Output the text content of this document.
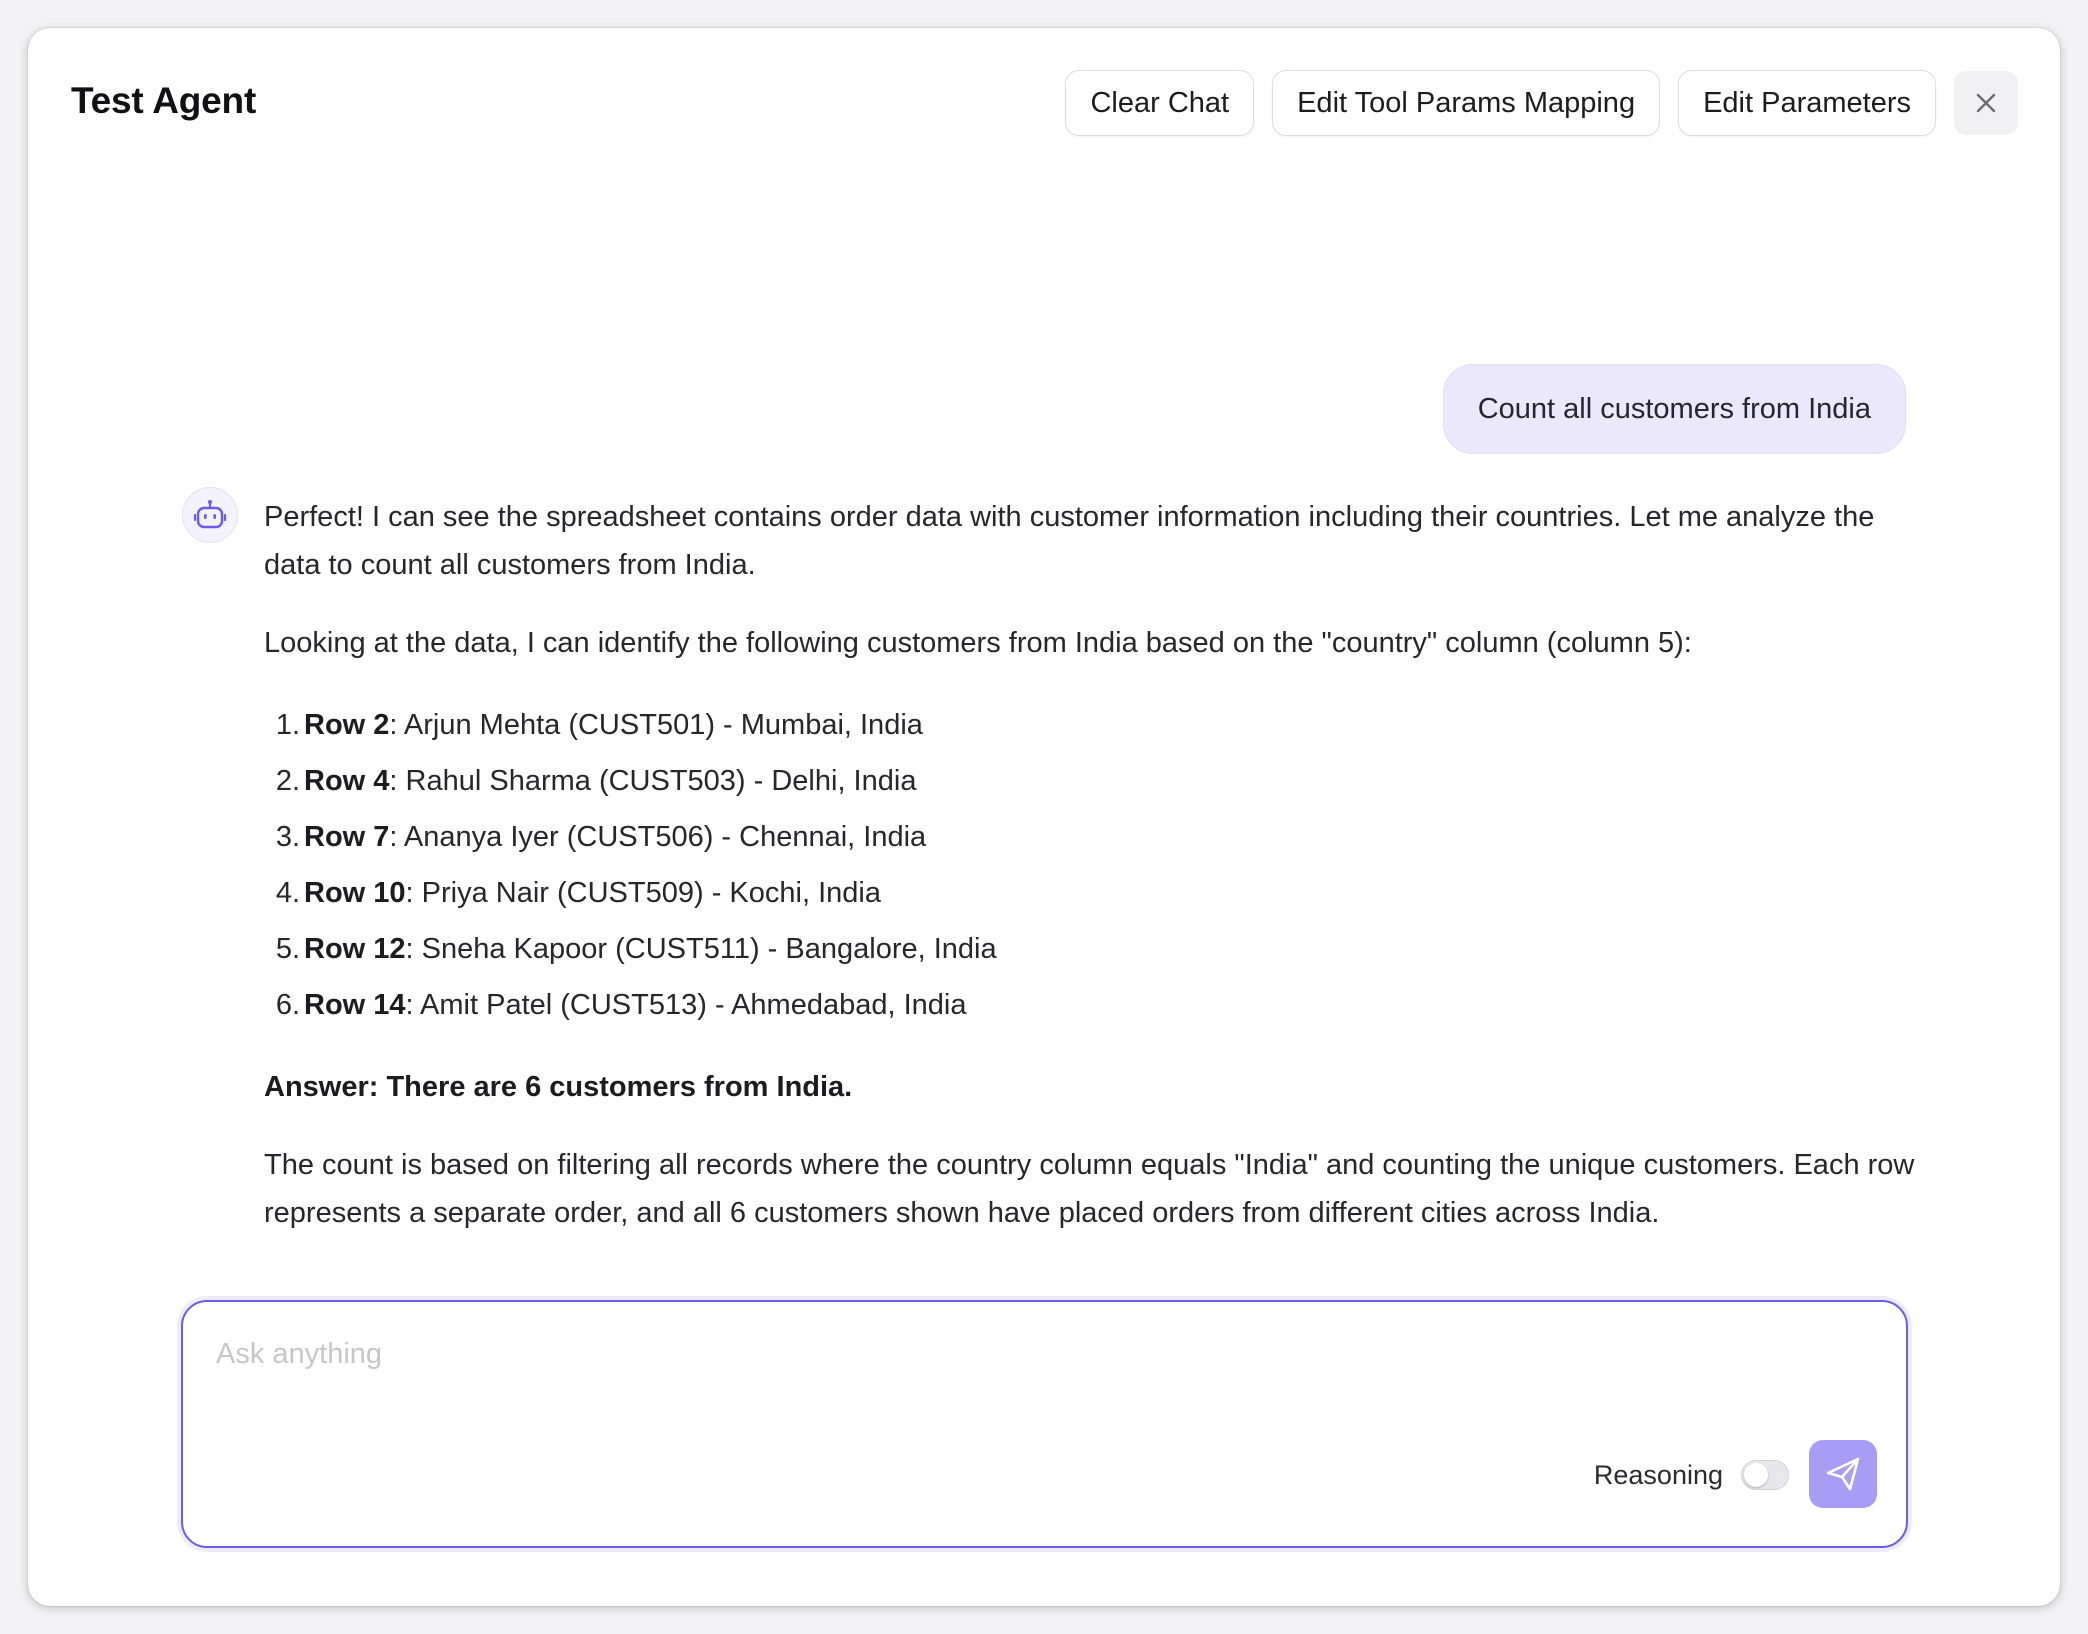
Test Agent	Clear Chat	Edit Tool Params Mapping	Edit Parameters
Count all customers from India

Perfect! I can see the spreadsheet contains order data with customer information including their countries. Let me analyze the data to count all customers from India.

Looking at the data, I can identify the following customers from India based on the "country" column (column 5):

1. Row 2 : Arjun Mehta (CUST501) - Mumbai, India
2. Row 4 : Rahul Sharma (CUST503) - Delhi, India
3. Row 7 : Ananya Iyer (CUST506) - Chennai, India
4. Row 10 : Priya Nair (CUST509) - Kochi, India
5. Row 12 : Sneha Kapoor (CUST511) - Bangalore, India
6. Row 14 : Amit Patel (CUST513) - Ahmedabad, India

Answer: There are 6 customers from India.

The count is based on filtering all records where the country column equals "India" and counting the unique customers. Each row represents a separate order, and all 6 customers shown have placed orders from different cities across India.

Ask anything
Reasoning
